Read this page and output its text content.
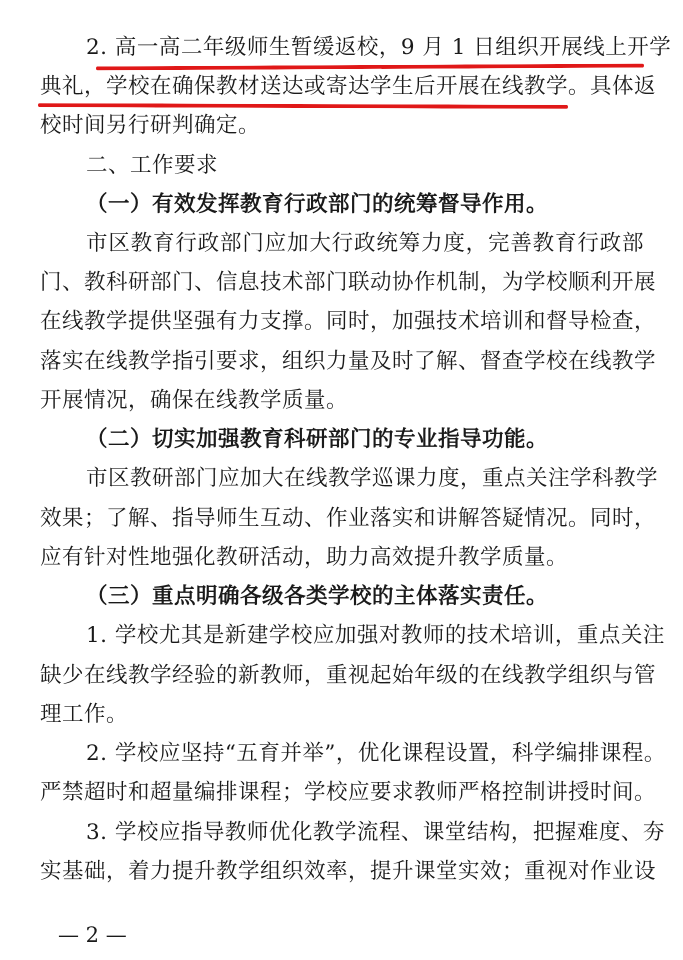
2. 高一高二年级师生暂缓返校，9 月 1 日组织开展线上开学
典礼，学校在确保教材送达或寄达学生后开展在线教学。具体返
校时间另行研判确定。
二、工作要求
（一）有效发挥教育行政部门的统筹督导作用。
市区教育行政部门应加大行政统筹力度，完善教育行政部
门、教科研部门、信息技术部门联动协作机制，为学校顺利开展
在线教学提供坚强有力支撑。同时，加强技术培训和督导检查，
落实在线教学指引要求，组织力量及时了解、督查学校在线教学
开展情况，确保在线教学质量。
（二）切实加强教育科研部门的专业指导功能。
市区教研部门应加大在线教学巡课力度，重点关注学科教学
效果；了解、指导师生互动、作业落实和讲解答疑情况。同时，
应有针对性地强化教研活动，助力高效提升教学质量。
（三）重点明确各级各类学校的主体落实责任。
1. 学校尤其是新建学校应加强对教师的技术培训，重点关注
缺少在线教学经验的新教师，重视起始年级的在线教学组织与管
理工作。
2. 学校应坚持“五育并举”，优化课程设置，科学编排课程。
严禁超时和超量编排课程；学校应要求教师严格控制讲授时间。
3. 学校应指导教师优化教学流程、课堂结构，把握难度、夯
实基础，着力提升教学组织效率，提升课堂实效；重视对作业设
— 2 —
